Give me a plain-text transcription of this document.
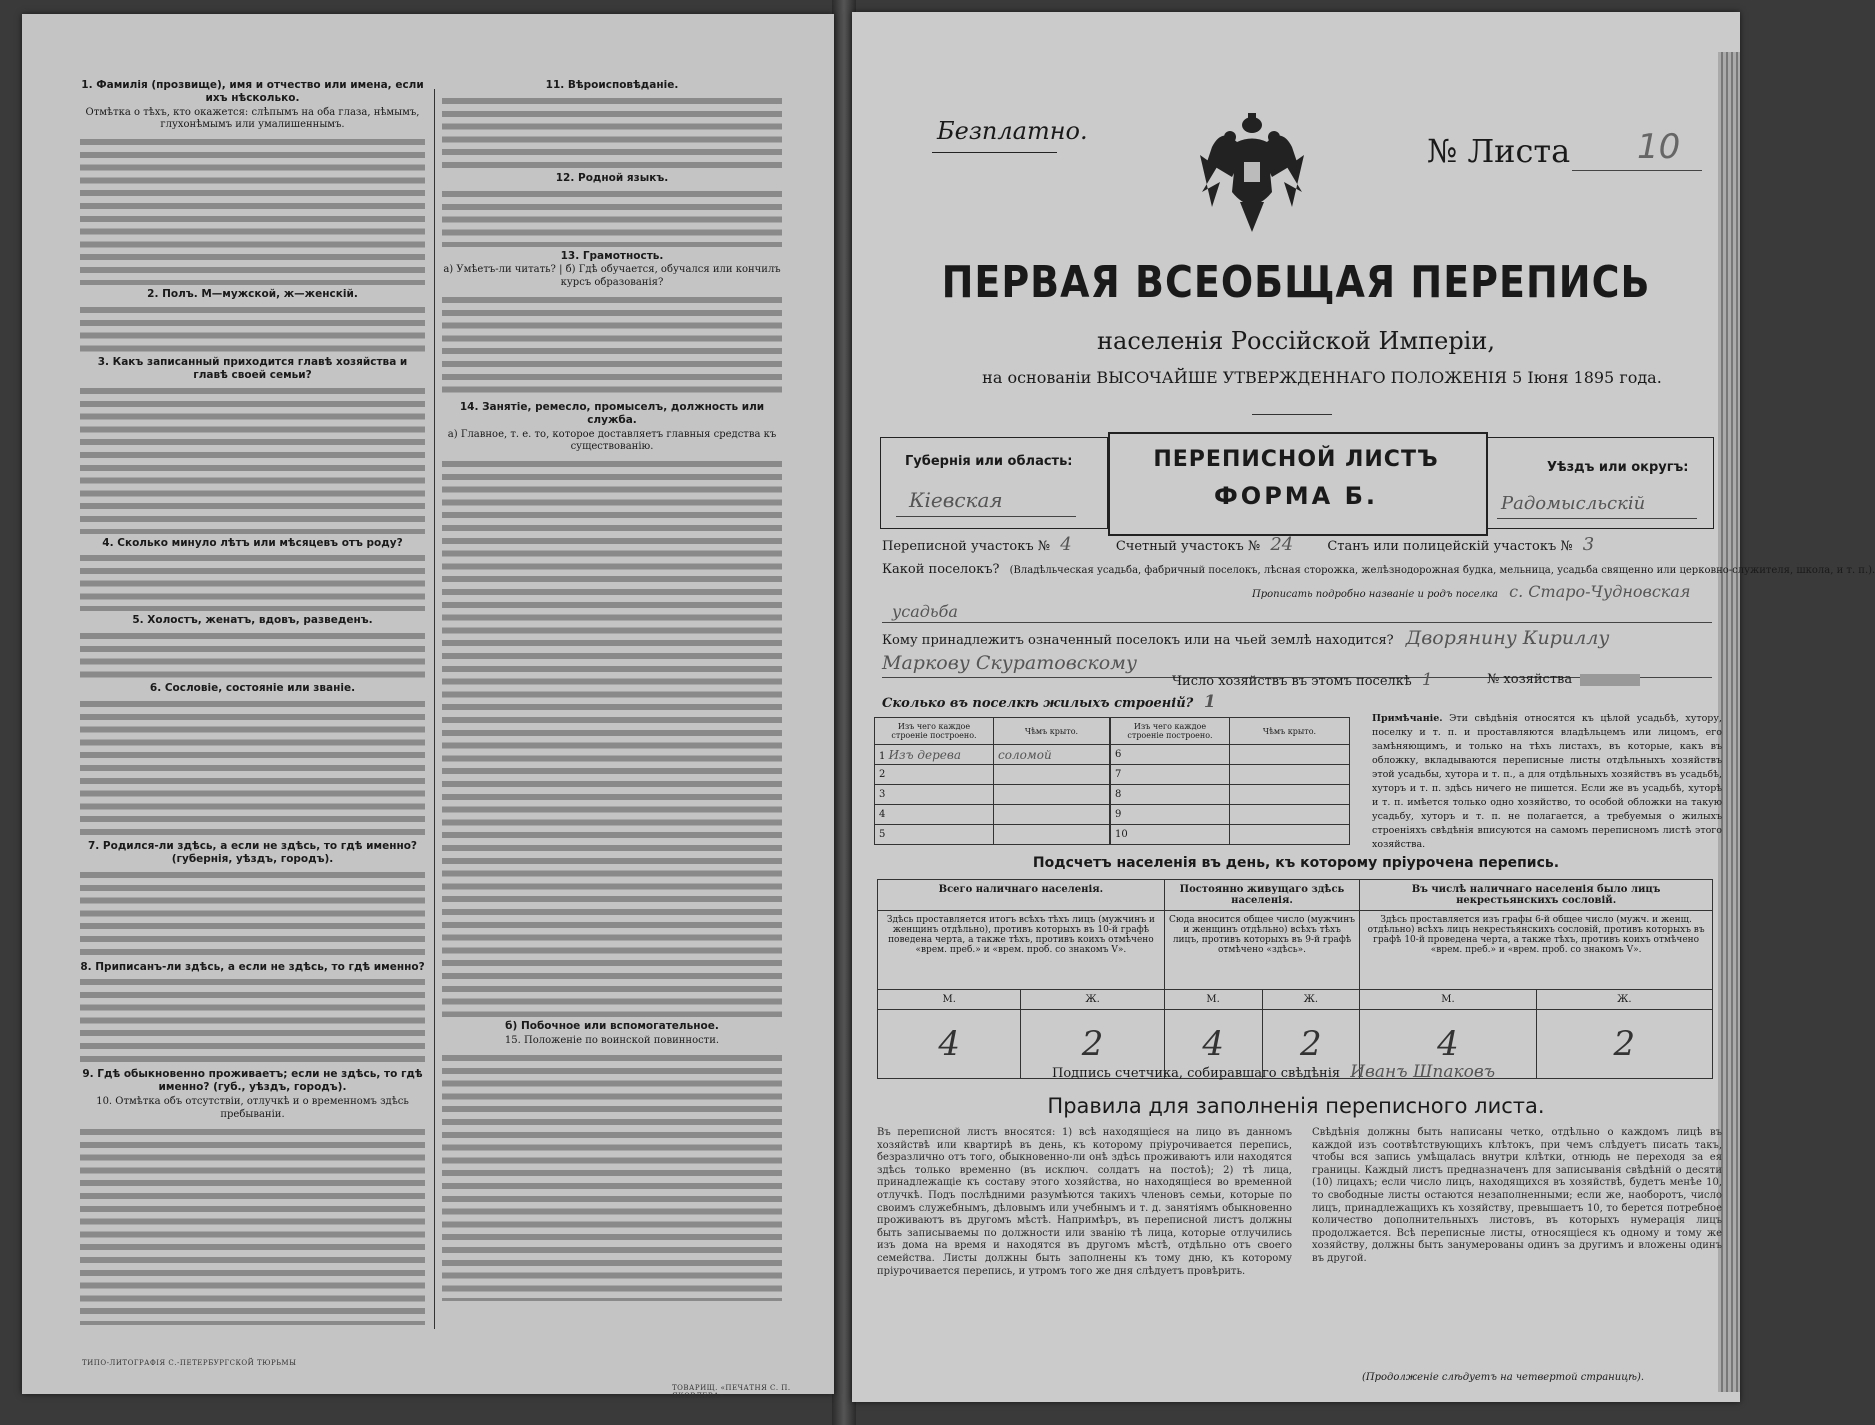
1. Фамилія (прозвище), имя и отчество или имена, если ихъ нѣсколько.
Отмѣтка о тѣхъ, кто окажется: слѣпымъ на оба глаза, нѣмымъ, глухонѣмымъ или умалишеннымъ.
2. Полъ. М—мужской, ж—женскій.
3. Какъ записанный приходится главѣ хозяйства и главѣ своей семьи?
4. Сколько минуло лѣтъ или мѣсяцевъ отъ роду?
5. Холостъ, женатъ, вдовъ, разведенъ.
6. Сословіе, состояніе или званіе.
7. Родился-ли здѣсь, а если не здѣсь, то гдѣ именно? (губернія, уѣздъ, городъ).
8. Приписанъ-ли здѣсь, а если не здѣсь, то гдѣ именно?
9. Гдѣ обыкновенно проживаетъ; если не здѣсь, то гдѣ именно? (губ., уѣздъ, городъ).
10. Отмѣтка объ отсутствіи, отлучкѣ и о временномъ здѣсь пребываніи.
11. Вѣроисповѣданіе.
12. Родной языкъ.
13. Грамотность.
а) Умѣетъ-ли читать? | б) Гдѣ обучается, обучался или кончилъ курсъ образованія?
14. Занятіе, ремесло, промыселъ, должность или служба.
а) Главное, т. е. то, которое доставляетъ главныя средства къ существованію.
б) Побочное или вспомогательное.
15. Положеніе по воинской повинности.
ТИПО-ЛИТОГРАФІЯ С.-ПЕТЕРБУРГСКОЙ ТЮРЬМЫ
ТОВАРИЩ. «ПЕЧАТНЯ С. П. ЯКОВЛЕВА»
Безплатно.
№ Листа 10
ПЕРВАЯ ВСЕОБЩАЯ ПЕРЕПИСЬ
населенія Россійской Имперіи,
на основаніи ВЫСОЧАЙШЕ УТВЕРЖДЕННАГО ПОЛОЖЕНІЯ 5 Іюня 1895 года.
Губернія или область:
Кіевская
ПЕРЕПИСНОЙ ЛИСТЪ
ФОРМА Б.
Уѣздъ или округъ:
Радомысльскій
Переписной участокъ № 4	Счетный участокъ № 24	Станъ или полицейскій участокъ № 3
Какой поселокъ? (Владѣльческая усадьба, фабричный поселокъ, лѣсная сторожка, желѣзнодорожная будка, мельница, усадьба священно или церковно-служителя, школа, и т. п.).
Прописать подробно названіе и родъ поселка с. Старо-Чудновская
усадьба
Кому принадлежитъ означенный поселокъ или на чьей землѣ находится? Дворянину Кириллу
Маркову Скуратовскому
Число хозяйствъ въ этомъ поселкѣ 1	№ хозяйства
Сколько въ поселкѣ жилыхъ строеній? 1
Изъ чего каждое строеніе построено.	Чѣмъ крыто.
1 Изъ дерева	соломой
2	
3	
4	
5	
Изъ чего каждое строеніе построено.	Чѣмъ крыто.
6	
7	
8	
9	
10	
Примѣчаніе. Эти свѣдѣнія относятся къ цѣлой усадьбѣ, хутору, поселку и т. п. и проставляются владѣльцемъ или лицомъ, его замѣняющимъ, и только на тѣхъ листахъ, въ которые, какъ въ обложку, вкладываются переписные листы отдѣльныхъ хозяйствъ этой усадьбы, хутора и т. п., а для отдѣльныхъ хозяйствъ въ усадьбѣ, хуторъ и т. п. здѣсь ничего не пишется. Если же въ усадьбѣ, хуторѣ и т. п. имѣется только одно хозяйство, то особой обложки на такую усадьбу, хуторъ и т. п. не полагается, а требуемыя о жилыхъ строеніяхъ свѣдѣнія вписуются на самомъ переписномъ листѣ этого хозяйства.
Подсчетъ населенія въ день, къ которому пріурочена перепись.
Всего наличнаго населенія.		Постоянно живущаго здѣсь населенія.		Въ числѣ наличнаго населенія было лицъ некрестьянскихъ сословій.	
Здѣсь проставляется итогъ всѣхъ тѣхъ лицъ (мужчинъ и женщинъ отдѣльно), противъ которыхъ въ 10-й графѣ поведена черта, а также тѣхъ, противъ коихъ отмѣчено «врем. преб.» и «врем. проб. со знакомъ V».		Сюда вносится общее число (мужчинъ и женщинъ отдѣльно) всѣхъ тѣхъ лицъ, противъ которыхъ въ 9-й графѣ отмѣчено «здѣсь».		Здѣсь проставляется изъ графы 6-й общее число (мужч. и женщ. отдѣльно) всѣхъ лицъ некрестьянскихъ сословій, противъ которыхъ въ графѣ 10-й проведена черта, а также тѣхъ, противъ коихъ отмѣчено «врем. преб.» и «врем. проб. со знакомъ V».	
М.	Ж.	М.	Ж.	М.	Ж.
4	2	4	2	4	2
Подпись счетчика, собиравшаго свѣдѣнія Иванъ Шпаковъ
Правила для заполненія переписного листа.
Въ переписной листъ вносятся: 1) всѣ находящіеся на лицо въ данномъ хозяйствѣ или квартирѣ въ день, къ которому пріурочивается перепись, безразлично отъ того, обыкновенно-ли онѣ здѣсь проживаютъ или находятся здѣсь только временно (въ исключ. солдатъ на постоѣ); 2) тѣ лица, принадлежащіе къ составу этого хозяйства, но находящіеся во временной отлучкѣ. Подъ послѣдними разумѣются такихъ членовъ семьи, которые по своимъ служебнымъ, дѣловымъ или учебнымъ и т. д. занятіямъ обыкновенно проживаютъ въ другомъ мѣстѣ. Напримѣръ, въ переписной листъ должны быть записываемы по должности или званію тѣ лица, которые отлучились изъ дома на время и находятся въ другомъ мѣстѣ, отдѣльно отъ своего семейства. Листы должны быть заполнены къ тому дню, къ которому пріурочивается перепись, и утромъ того же дня слѣдуетъ провѣрить.
Свѣдѣнія должны быть написаны четко, отдѣльно о каждомъ лицѣ въ каждой изъ соотвѣтствующихъ клѣтокъ, при чемъ слѣдуетъ писать такъ, чтобы вся запись умѣщалась внутри клѣтки, отнюдь не переходя за ея границы. Каждый листъ предназначенъ для записыванія свѣдѣній о десяти (10) лицахъ; если число лицъ, находящихся въ хозяйствѣ, будетъ менѣе 10, то свободные листы остаются незаполненными; если же, наоборотъ, число лицъ, принадлежащихъ къ хозяйству, превышаетъ 10, то берется потребное количество дополнительныхъ листовъ, въ которыхъ нумерація лицъ продолжается. Всѣ переписные листы, относящіеся къ одному и тому же хозяйству, должны быть занумерованы одинъ за другимъ и вложены одинъ въ другой.
(Продолженіе слѣдуетъ на четвертой страницѣ).
